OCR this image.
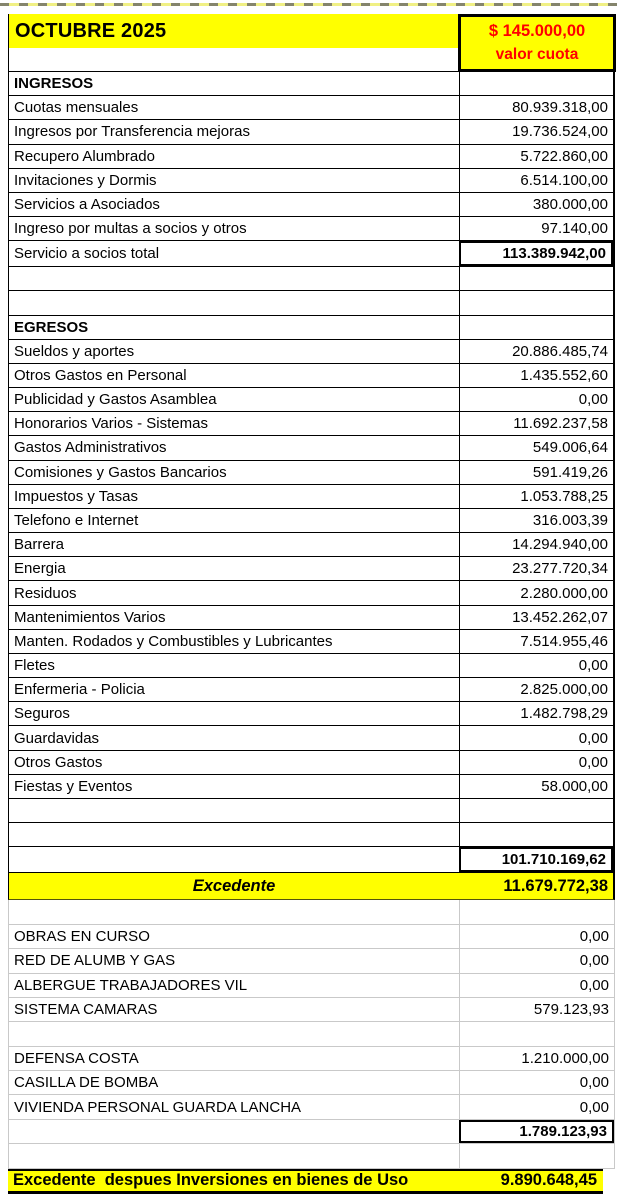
OCTUBRE 2025	$ 145.000,00
valor cuota
INGRESOS
Cuotas mensuales	80.939.318,00
Ingresos por Transferencia mejoras	19.736.524,00
Recupero Alumbrado	5.722.860,00
Invitaciones y Dormis	6.514.100,00
Servicios a Asociados	380.000,00
Ingreso por multas a socios y otros	97.140,00
Servicio a socios total	113.389.942,00
EGRESOS
Sueldos y aportes	20.886.485,74
Otros Gastos en Personal	1.435.552,60
Publicidad y Gastos Asamblea	0,00
Honorarios Varios - Sistemas	11.692.237,58
Gastos Administrativos	549.006,64
Comisiones y Gastos Bancarios	591.419,26
Impuestos y Tasas	1.053.788,25
Telefono e Internet	316.003,39
Barrera	14.294.940,00
Energia	23.277.720,34
Residuos	2.280.000,00
Mantenimientos Varios	13.452.262,07
Manten. Rodados y Combustibles y Lubricantes	7.514.955,46
Fletes	0,00
Enfermeria - Policia	2.825.000,00
Seguros	1.482.798,29
Guardavidas	0,00
Otros Gastos	0,00
Fiestas y Eventos	58.000,00
101.710.169,62
Excedente	11.679.772,38
OBRAS EN CURSO	0,00
RED DE ALUMB Y GAS	0,00
ALBERGUE TRABAJADORES VIL	0,00
SISTEMA CAMARAS	579.123,93
DEFENSA COSTA	1.210.000,00
CASILLA DE BOMBA	0,00
VIVIENDA PERSONAL GUARDA LANCHA	0,00
1.789.123,93
Excedente  despues Inversiones en bienes de Uso	9.890.648,45
